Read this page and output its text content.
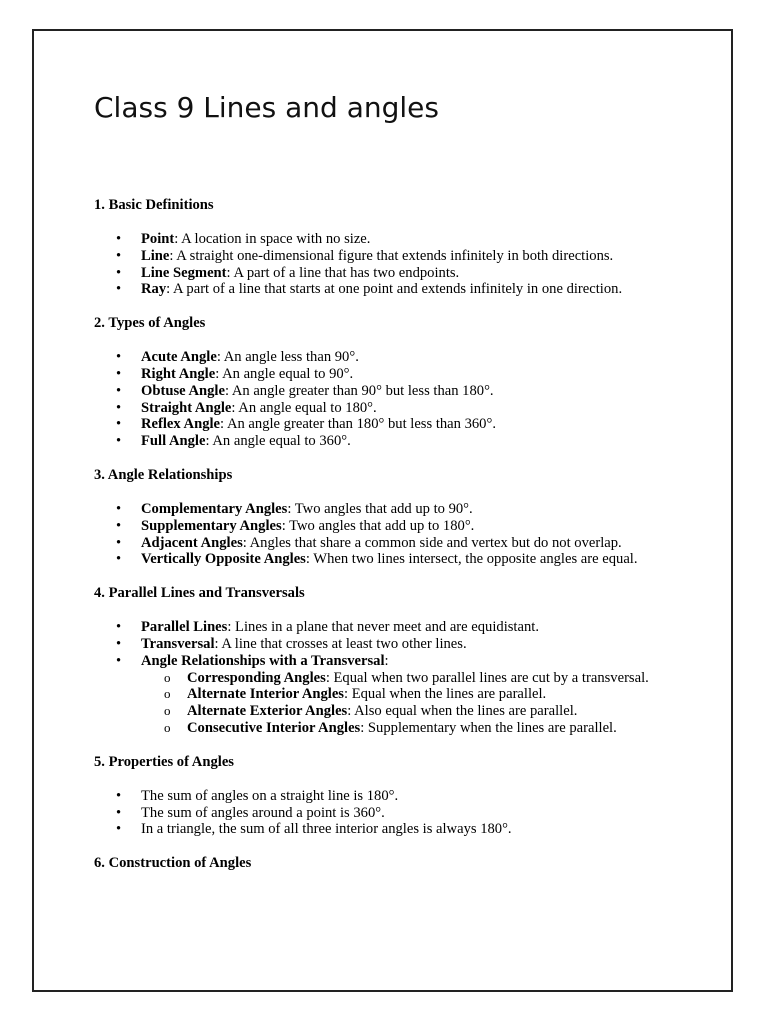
Class 9 Lines and angles

1. Basic Definitions

•	Point: A location in space with no size.
•	Line: A straight one-dimensional figure that extends infinitely in both directions.
•	Line Segment: A part of a line that has two endpoints.
•	Ray: A part of a line that starts at one point and extends infinitely in one direction.

2. Types of Angles

•	Acute Angle: An angle less than 90°.
•	Right Angle: An angle equal to 90°.
•	Obtuse Angle: An angle greater than 90° but less than 180°.
•	Straight Angle: An angle equal to 180°.
•	Reflex Angle: An angle greater than 180° but less than 360°.
•	Full Angle: An angle equal to 360°.

3. Angle Relationships

•	Complementary Angles: Two angles that add up to 90°.
•	Supplementary Angles: Two angles that add up to 180°.
•	Adjacent Angles: Angles that share a common side and vertex but do not overlap.
•	Vertically Opposite Angles: When two lines intersect, the opposite angles are equal.

4. Parallel Lines and Transversals

•	Parallel Lines: Lines in a plane that never meet and are equidistant.
•	Transversal: A line that crosses at least two other lines.
•	Angle Relationships with a Transversal:
o Corresponding Angles: Equal when two parallel lines are cut by a transversal.
o Alternate Interior Angles: Equal when the lines are parallel.
o Alternate Exterior Angles: Also equal when the lines are parallel.
o Consecutive Interior Angles: Supplementary when the lines are parallel.

5. Properties of Angles

•	The sum of angles on a straight line is 180°.
•	The sum of angles around a point is 360°.
•	In a triangle, the sum of all three interior angles is always 180°.

6. Construction of Angles
